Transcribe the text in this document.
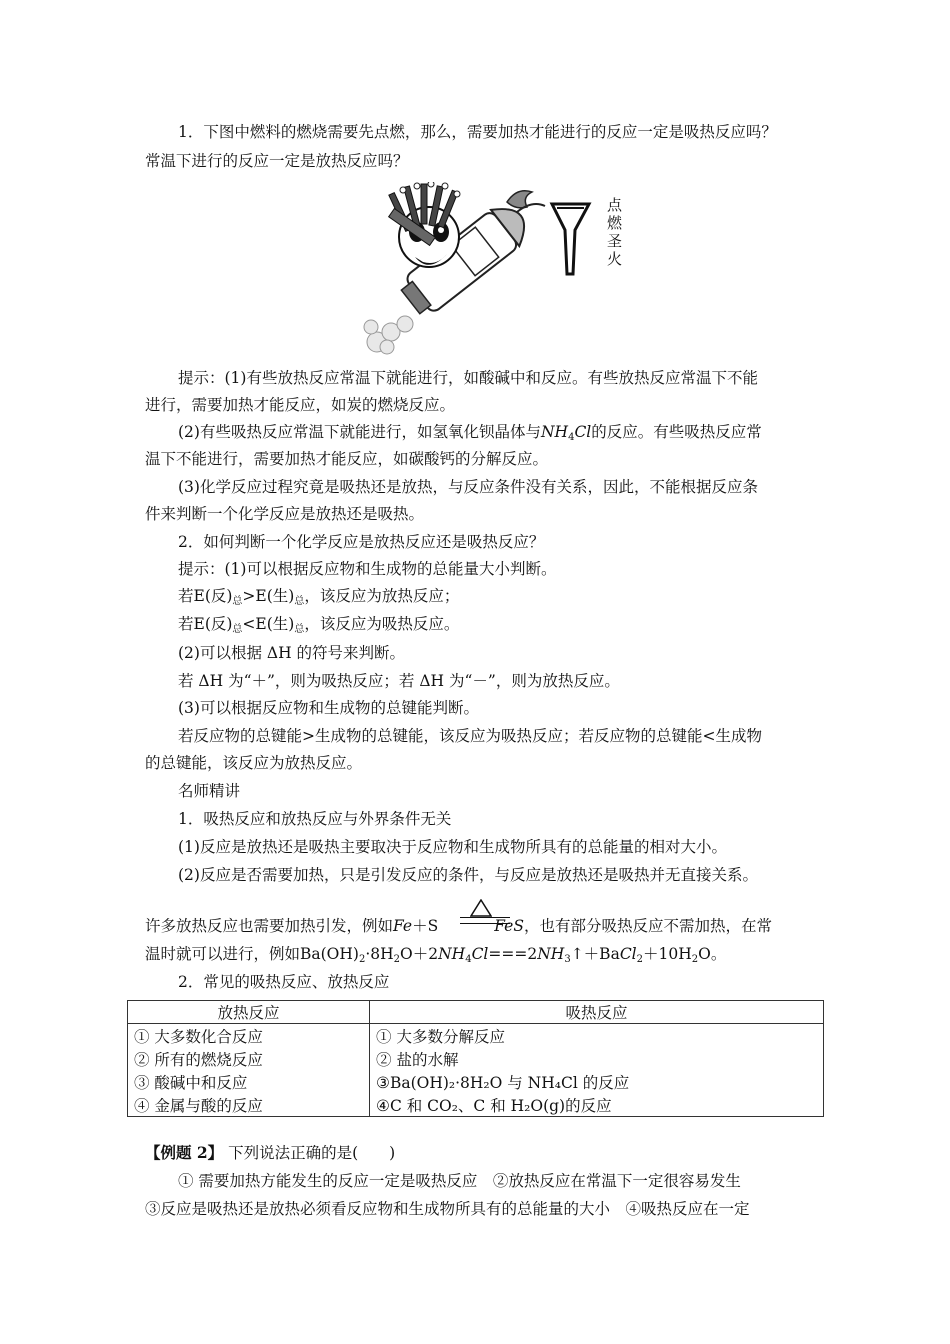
1．下图中燃料的燃烧需要先点燃，那么，需要加热才能进行的反应一定是吸热反应吗？
常温下进行的反应一定是放热反应吗？
点
燃
圣
火
提示：(1)有些放热反应常温下就能进行，如酸碱中和反应。有些放热反应常温下不能
进行，需要加热才能反应，如炭的燃烧反应。
(2)有些吸热反应常温下就能进行，如氢氧化钡晶体与$NH_4Cl$的反应。有些吸热反应常
温下不能进行，需要加热才能反应，如碳酸钙的分解反应。
(3)化学反应过程究竟是吸热还是放热，与反应条件没有关系，因此，不能根据反应条
件来判断一个化学反应是放热还是吸热。
2．如何判断一个化学反应是放热反应还是吸热反应？
提示：(1)可以根据反应物和生成物的总能量大小判断。
若E(反)$_总>E$(生)$_总$，该反应为放热反应；
若E(反)$_总<E$(生)$_总$，该反应为吸热反应。
(2)可以根据 ΔH 的符号来判断。
若 ΔH 为“＋”，则为吸热反应；若 ΔH 为“－”，则为放热反应。
(3)可以根据反应物和生成物的总键能判断。
若反应物的总键能>生成物的总键能，该反应为吸热反应；若反应物的总键能<生成物
的总键能，该反应为放热反应。
名师精讲
1．吸热反应和放热反应与外界条件无关
(1)反应是放热还是吸热主要取决于反应物和生成物所具有的总能量的相对大小。
(2)反应是否需要加热，只是引发反应的条件，与反应是放热还是吸热并无直接关系。
许多放热反应也需要加热引发，例如Fe＋S	FeS，也有部分吸热反应不需加热，在常
温时就可以进行，例如$Ba(OH)_2\cdot 8H_2O+2NH_4Cl===2NH_3↑+BaCl_2+10H_2O$。
2．常见的吸热反应、放热反应
放热反应	吸热反应
① 大多数化合反应	① 大多数分解反应
② 所有的燃烧反应	② 盐的水解
③ 酸碱中和反应	③Ba(OH)₂·8H₂O 与 NH₄Cl 的反应
④ 金属与酸的反应	④C 和 CO₂、C 和 H₂O(g)的反应
【例题 2】 下列说法正确的是(　　)
① 需要加热方能发生的反应一定是吸热反应　②放热反应在常温下一定很容易发生
③反应是吸热还是放热必须看反应物和生成物所具有的总能量的大小　④吸热反应在一定
